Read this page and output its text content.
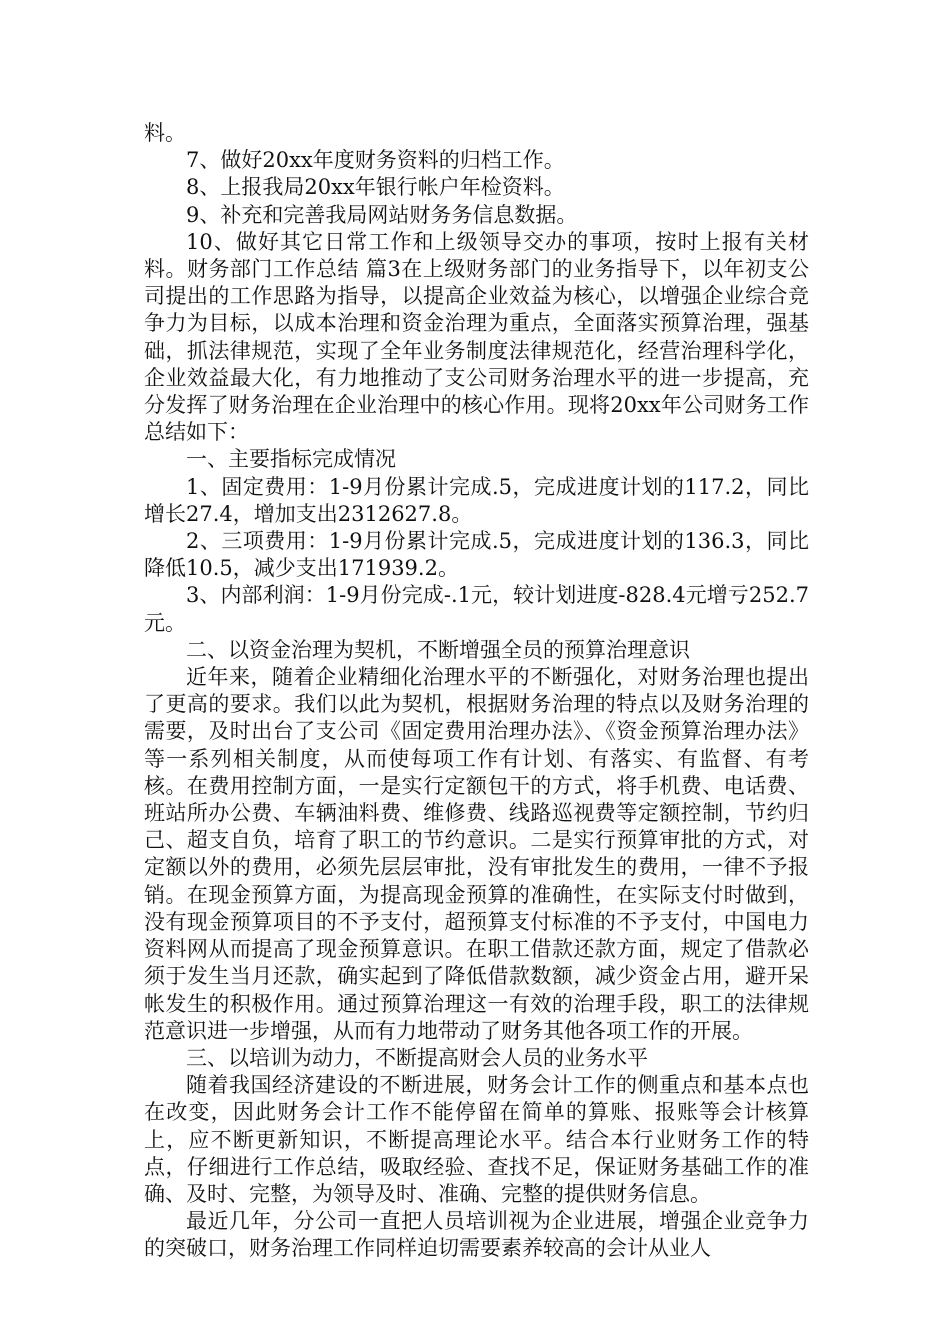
料。

7、做好20xx年度财务资料的归档工作。

8、上报我局20xx年银行帐户年检资料。

9、补充和完善我局网站财务务信息数据。

10、做好其它日常工作和上级领导交办的事项，按时上报有关材料。财务部门工作总结 篇3在上级财务部门的业务指导下，以年初支公司提出的工作思路为指导，以提高企业效益为核心，以增强企业综合竞争力为目标，以成本治理和资金治理为重点，全面落实预算治理，强基础，抓法律规范，实现了全年业务制度法律规范化，经营治理科学化，企业效益最大化，有力地推动了支公司财务治理水平的进一步提高，充分发挥了财务治理在企业治理中的核心作用。现将20xx年公司财务工作总结如下：

一、主要指标完成情况

1、固定费用：1-9月份累计完成.5，完成进度计划的117.2，同比增长27.4，增加支出2312627.8。

2、三项费用：1-9月份累计完成.5，完成进度计划的136.3，同比降低10.5，减少支出171939.2。

3、内部利润：1-9月份完成-.1元，较计划进度-828.4元增亏252.7元。

二、以资金治理为契机，不断增强全员的预算治理意识

近年来，随着企业精细化治理水平的不断强化，对财务治理也提出了更高的要求。我们以此为契机，根据财务治理的特点以及财务治理的需要，及时出台了支公司《固定费用治理办法》、《资金预算治理办法》等一系列相关制度，从而使每项工作有计划、有落实、有监督、有考核。在费用控制方面，一是实行定额包干的方式，将手机费、电话费、班站所办公费、车辆油料费、维修费、线路巡视费等定额控制，节约归己、超支自负，培育了职工的节约意识。二是实行预算审批的方式，对定额以外的费用，必须先层层审批，没有审批发生的费用，一律不予报销。在现金预算方面，为提高现金预算的准确性，在实际支付时做到，没有现金预算项目的不予支付，超预算支付标准的不予支付，中国电力资料网从而提高了现金预算意识。在职工借款还款方面，规定了借款必须于发生当月还款，确实起到了降低借款数额，减少资金占用，避开呆帐发生的积极作用。通过预算治理这一有效的治理手段，职工的法律规范意识进一步增强，从而有力地带动了财务其他各项工作的开展。

三、以培训为动力，不断提高财会人员的业务水平

随着我国经济建设的不断进展，财务会计工作的侧重点和基本点也在改变，因此财务会计工作不能停留在简单的算账、报账等会计核算上，应不断更新知识，不断提高理论水平。结合本行业财务工作的特点，仔细进行工作总结，吸取经验、查找不足，保证财务基础工作的准确、及时、完整，为领导及时、准确、完整的提供财务信息。

最近几年，分公司一直把人员培训视为企业进展，增强企业竞争力的突破口，财务治理工作同样迫切需要素养较高的会计从业人
